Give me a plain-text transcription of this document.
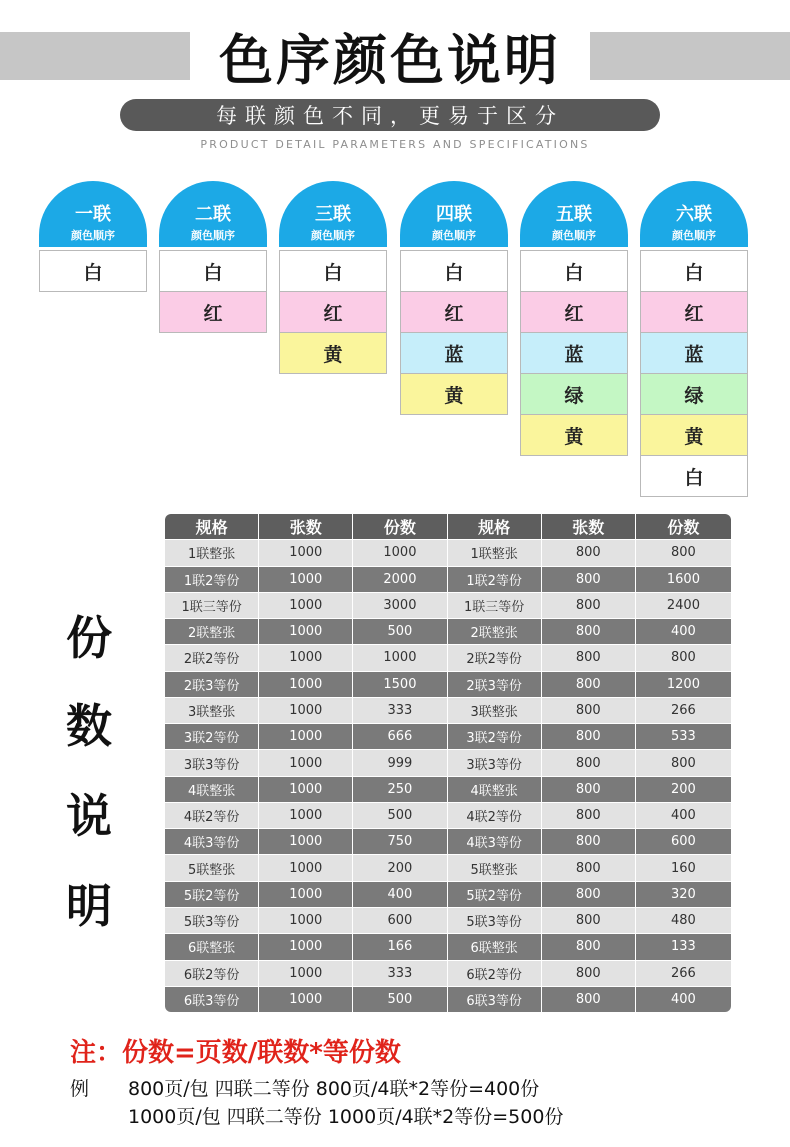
色序颜色说明
每联颜色不同，更易于区分
PRODUCT DETAIL PARAMETERS AND SPECIFICATIONS
一联
颜色顺序
白
二联
颜色顺序
白
红
三联
颜色顺序
白
红
黄
四联
颜色顺序
白
红
蓝
黄
五联
颜色顺序
白
红
蓝
绿
黄
六联
颜色顺序
白
红
蓝
绿
黄
白
份
数
说
明
规格	张数	份数	规格	张数	份数
1联整张	1000	1000	1联整张	800	800
1联2等份	1000	2000	1联2等份	800	1600
1联三等份	1000	3000	1联三等份	800	2400
2联整张	1000	500	2联整张	800	400
2联2等份	1000	1000	2联2等份	800	800
2联3等份	1000	1500	2联3等份	800	1200
3联整张	1000	333	3联整张	800	266
3联2等份	1000	666	3联2等份	800	533
3联3等份	1000	999	3联3等份	800	800
4联整张	1000	250	4联整张	800	200
4联2等份	1000	500	4联2等份	800	400
4联3等份	1000	750	4联3等份	800	600
5联整张	1000	200	5联整张	800	160
5联2等份	1000	400	5联2等份	800	320
5联3等份	1000	600	5联3等份	800	480
6联整张	1000	166	6联整张	800	133
6联2等份	1000	333	6联2等份	800	266
6联3等份	1000	500	6联3等份	800	400
注：份数=页数/联数*等份数
例 800页/包 四联二等份 800页/4联*2等份=400份
1000页/包 四联二等份 1000页/4联*2等份=500份
